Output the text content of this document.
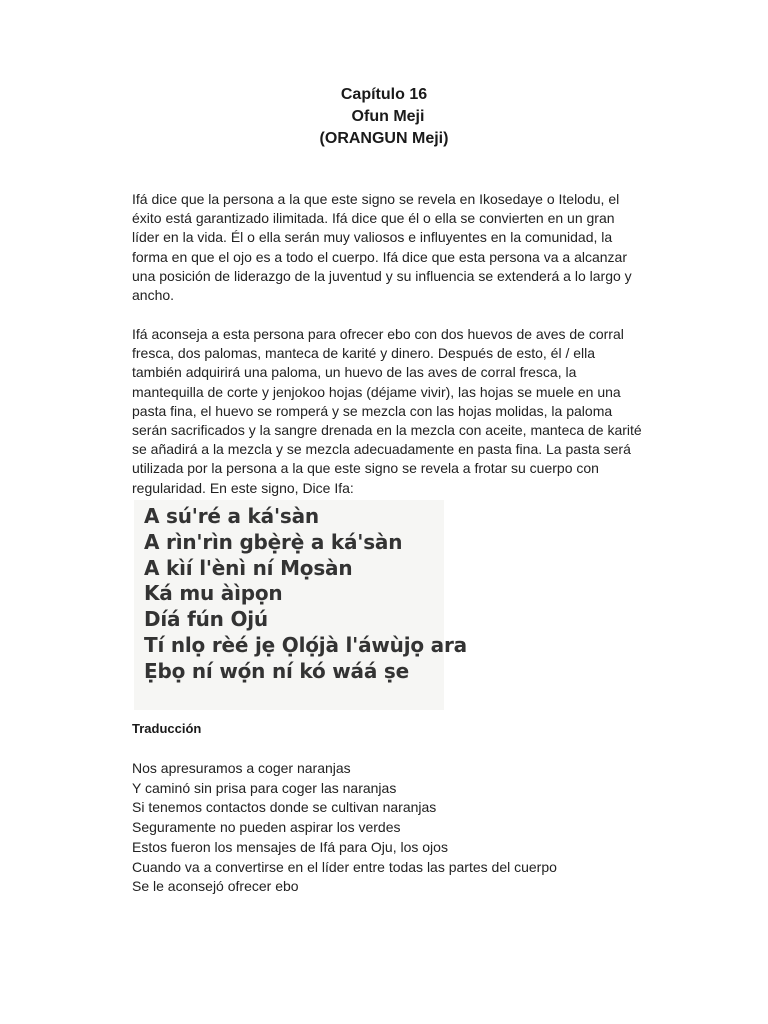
Capítulo 16
Ofun Meji
(ORANGUN Meji)
Ifá dice que la persona a la que este signo se revela en Ikosedaye o Itelodu, el éxito está garantizado ilimitada. Ifá dice que él o ella se convierten en un gran líder en la vida. Él o ella serán muy valiosos e influyentes en la comunidad, la forma en que el ojo es a todo el cuerpo. Ifá dice que esta persona va a alcanzar una posición de liderazgo de la juventud y su influencia se extenderá a lo largo y ancho.
Ifá aconseja a esta persona para ofrecer ebo con dos huevos de aves de corral fresca, dos palomas, manteca de karité y dinero. Después de esto, él / ella también adquirirá una paloma, un huevo de las aves de corral fresca, la mantequilla de corte y jenjokoo hojas (déjame vivir), las hojas se muele en una pasta fina, el huevo se romperá y se mezcla con las hojas molidas, la paloma serán sacrificados y la sangre drenada en la mezcla con aceite, manteca de karité se añadirá a la mezcla y se mezcla adecuadamente en pasta fina. La pasta será utilizada por la persona a la que este signo se revela a frotar su cuerpo con regularidad. En este signo, Dice Ifa:
A sú'ré a ká'sàn
A rìn'rìn gbẹ̀rẹ̀ a ká'sàn
A kìí l'ènì ní Mọsàn
Ká mu àìpọn
Díá fún Ojú
Tí nlọ rèé jẹ Ọlọ́jà l'áwùjọ ara
Ẹbọ ní wọ́n ní kó wáá ṣe
Traducción
Nos apresuramos a coger naranjas
Y caminó sin prisa para coger las naranjas
Si tenemos contactos donde se cultivan naranjas
Seguramente no pueden aspirar los verdes
Estos fueron los mensajes de Ifá para Oju, los ojos
Cuando va a convertirse en el líder entre todas las partes del cuerpo
Se le aconsejó ofrecer ebo
